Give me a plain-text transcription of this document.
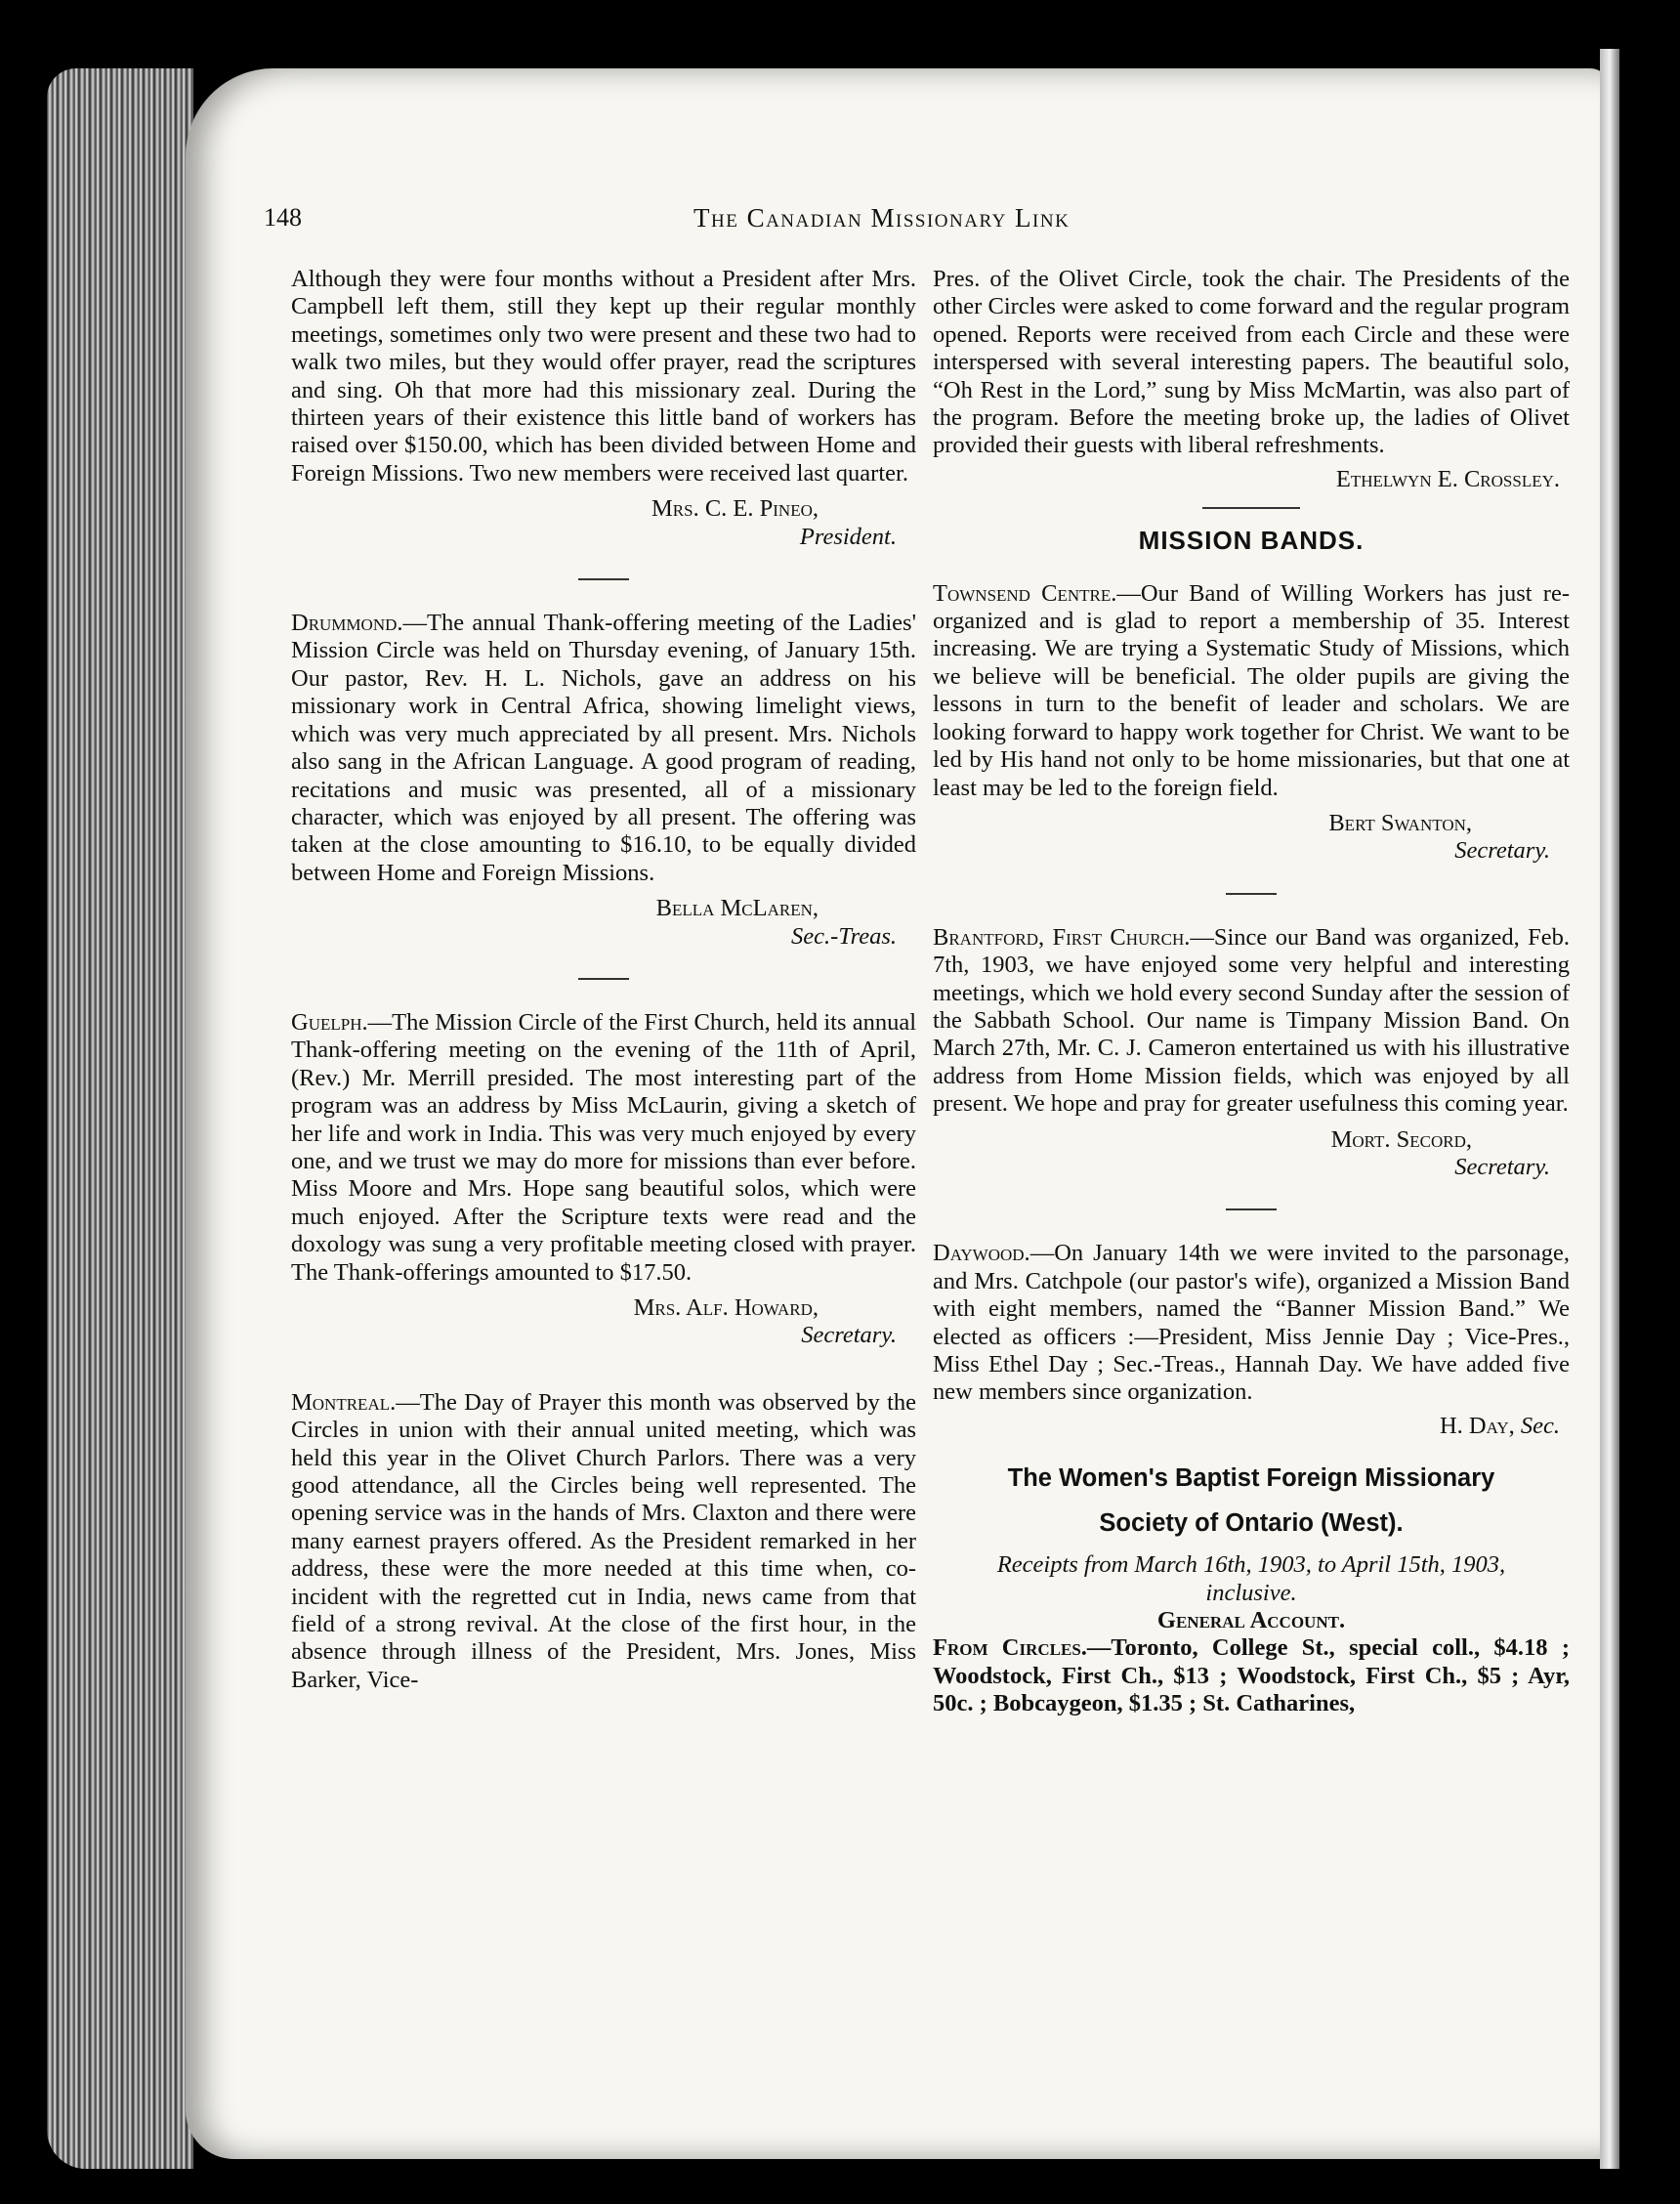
148	The Canadian Missionary Link

Although they were four months without a President after Mrs. Campbell left them, still they kept up their regular monthly meetings, sometimes only two were present and these two had to walk two miles, but they would offer prayer, read the scriptures and sing. Oh that more had this missionary zeal. During the thirteen years of their existence this little band of workers has raised over $150.00, which has been divided between Home and Foreign Missions. Two new members were received last quarter.

Mrs. C. E. Pineo,
President.

Drummond.—The annual Thank-offering meeting of the Ladies' Mission Circle was held on Thursday evening, of January 15th. Our pastor, Rev. H. L. Nichols, gave an address on his missionary work in Central Africa, showing limelight views, which was very much appreciated by all present. Mrs. Nichols also sang in the African Language. A good program of reading, recitations and music was presented, all of a missionary character, which was enjoyed by all present. The offering was taken at the close amounting to $16.10, to be equally divided between Home and Foreign Missions.

Bella McLaren,
Sec.-Treas.

Guelph.—The Mission Circle of the First Church, held its annual Thank-offering meeting on the evening of the 11th of April, (Rev.) Mr. Merrill presided. The most interesting part of the program was an address by Miss McLaurin, giving a sketch of her life and work in India. This was very much enjoyed by every one, and we trust we may do more for missions than ever before. Miss Moore and Mrs. Hope sang beautiful solos, which were much enjoyed. After the Scripture texts were read and the doxology was sung a very profitable meeting closed with prayer. The Thank-offerings amounted to $17.50.

Mrs. Alf. Howard,
Secretary.

Montreal.—The Day of Prayer this month was observed by the Circles in union with their annual united meeting, which was held this year in the Olivet Church Parlors. There was a very good attendance, all the Circles being well represented. The opening service was in the hands of Mrs. Claxton and there were many earnest prayers offered. As the President remarked in her address, these were the more needed at this time when, co-incident with the regretted cut in India, news came from that field of a strong revival. At the close of the first hour, in the absence through illness of the President, Mrs. Jones, Miss Barker, Vice-

Pres. of the Olivet Circle, took the chair. The Presidents of the other Circles were asked to come forward and the regular program opened. Reports were received from each Circle and these were interspersed with several interesting papers. The beautiful solo, “Oh Rest in the Lord,” sung by Miss McMartin, was also part of the program. Before the meeting broke up, the ladies of Olivet provided their guests with liberal refreshments.

Ethelwyn E. Crossley.
MISSION BANDS.

Townsend Centre.—Our Band of Willing Workers has just re-organized and is glad to report a membership of 35. Interest increasing. We are trying a Systematic Study of Missions, which we believe will be beneficial. The older pupils are giving the lessons in turn to the benefit of leader and scholars. We are looking forward to happy work together for Christ. We want to be led by His hand not only to be home missionaries, but that one at least may be led to the foreign field.

Bert Swanton,
Secretary.

Brantford, First Church.—Since our Band was organized, Feb. 7th, 1903, we have enjoyed some very helpful and interesting meetings, which we hold every second Sunday after the session of the Sabbath School. Our name is Timpany Mission Band. On March 27th, Mr. C. J. Cameron entertained us with his illustrative address from Home Mission fields, which was enjoyed by all present. We hope and pray for greater usefulness this coming year.

Mort. Secord,
Secretary.

Daywood.—On January 14th we were invited to the parsonage, and Mrs. Catchpole (our pastor's wife), organized a Mission Band with eight members, named the “Banner Mission Band.” We elected as officers :—President, Miss Jennie Day ; Vice-Pres., Miss Ethel Day ; Sec.-Treas., Hannah Day. We have added five new members since organization.

H. Day, Sec.
The Women's Baptist Foreign Missionary
Society of Ontario (West).

Receipts from March 16th, 1903, to April 15th, 1903,

inclusive.

General Account.

From Circles.—Toronto, College St., special coll., $4.18 ; Woodstock, First Ch., $13 ; Woodstock, First Ch., $5 ; Ayr, 50c. ; Bobcaygeon, $1.35 ; St. Catharines,
